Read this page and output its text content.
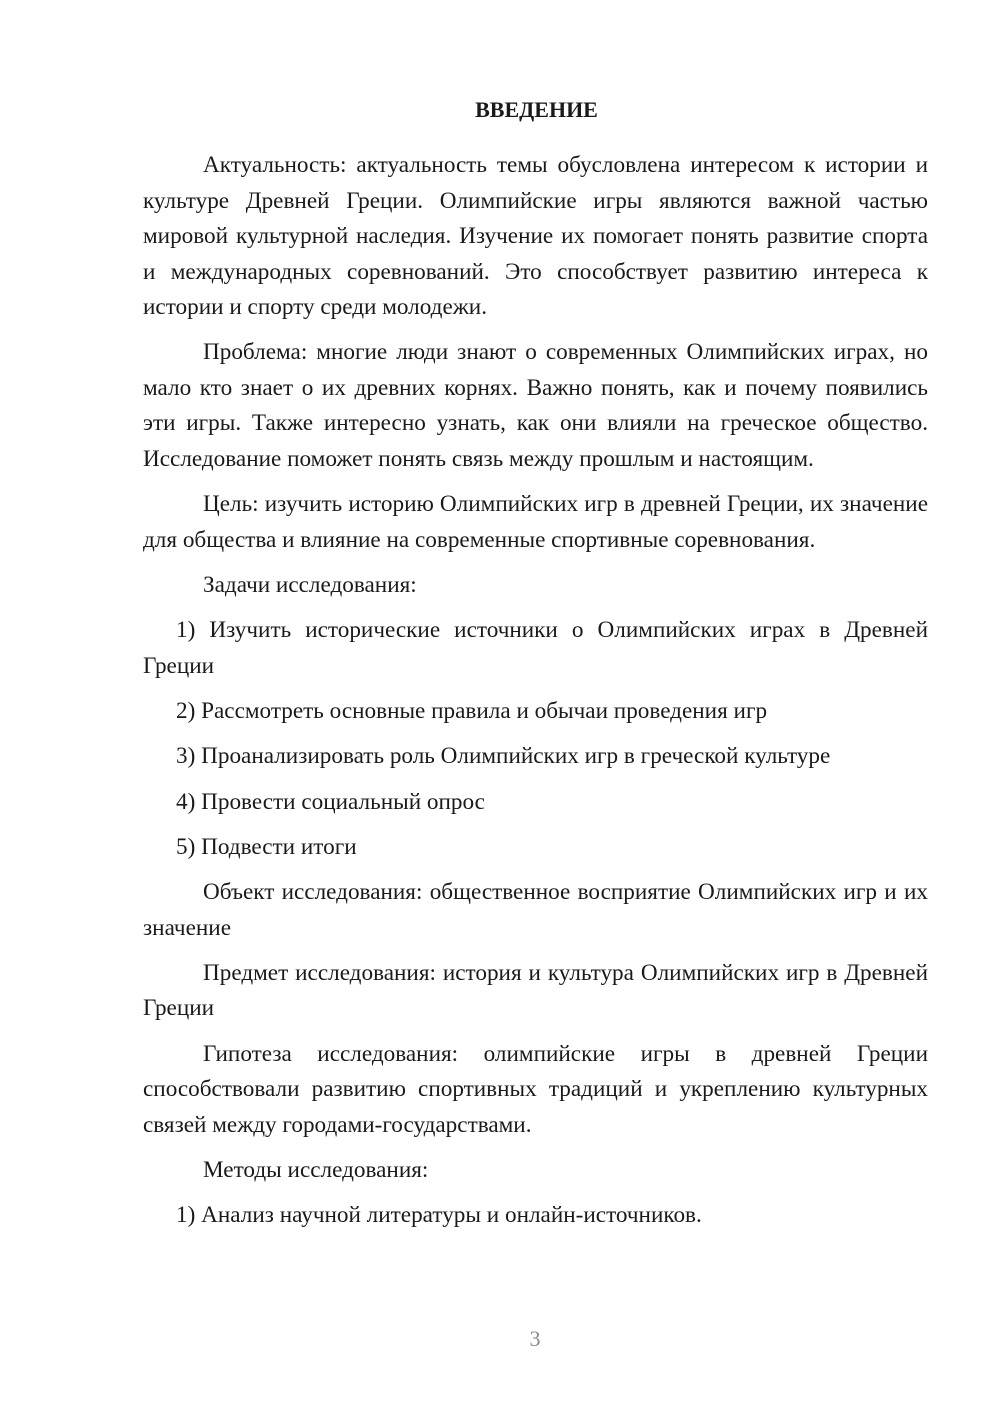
ВВЕДЕНИЕ

Актуальность: актуальность темы обусловлена интересом к истории и культуре Древней Греции. Олимпийские игры являются важной частью мировой культурной наследия. Изучение их помогает понять развитие спорта и международных соревнований. Это способствует развитию интереса к истории и спорту среди молодежи.

Проблема: многие люди знают о современных Олимпийских играх, но мало кто знает о их древних корнях. Важно понять, как и почему появились эти игры. Также интересно узнать, как они влияли на греческое общество. Исследование поможет понять связь между прошлым и настоящим.

Цель: изучить историю Олимпийских игр в древней Греции, их значение для общества и влияние на современные спортивные соревнования.

Задачи исследования:

1) Изучить исторические источники о Олимпийских играх в Древней Греции

2) Рассмотреть основные правила и обычаи проведения игр

3) Проанализировать роль Олимпийских игр в греческой культуре

4) Провести социальный опрос

5) Подвести итоги

Объект исследования: общественное восприятие Олимпийских игр и их значение

Предмет исследования: история и культура Олимпийских игр в Древней Греции

Гипотеза исследования: олимпийские игры в древней Греции способствовали развитию спортивных традиций и укреплению культурных связей между городами-государствами.

Методы исследования:

1) Анализ научной литературы и онлайн-источников.

3
